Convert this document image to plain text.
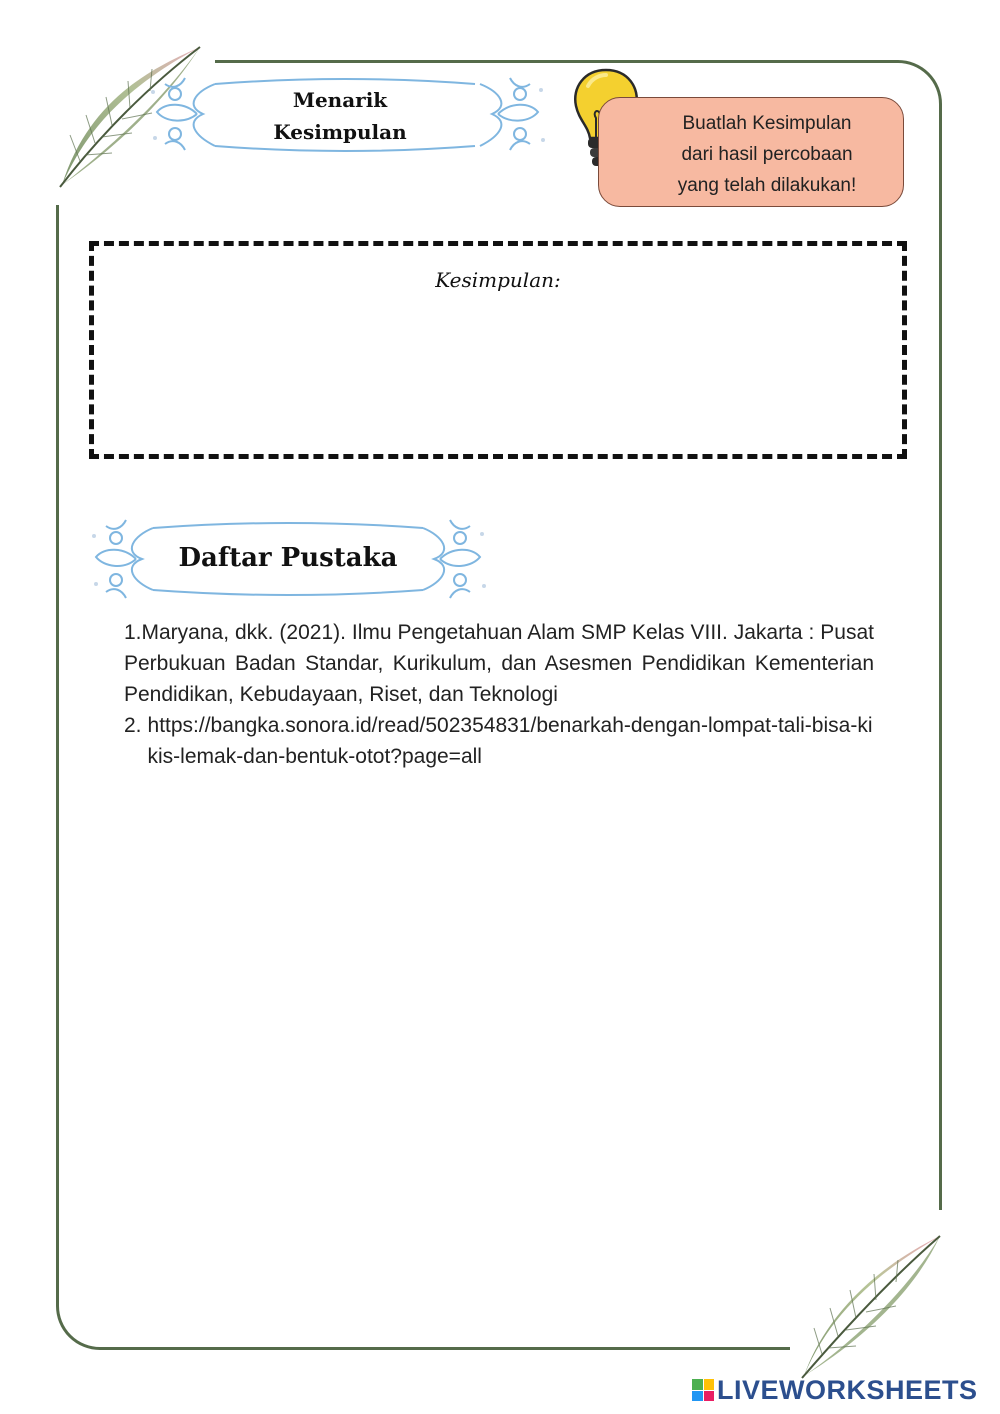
Menarik
Kesimpulan	Buatlah Kesimpulan
dari hasil percobaan
yang telah dilakukan!
Kesimpulan:
Daftar Pustaka
1.Maryana, dkk. (2021). Ilmu Pengetahuan Alam SMP Kelas VIII. Jakarta : Pusat Perbukuan Badan Standar, Kurikulum, dan Asesmen Pendidikan Kementerian Pendidikan, Kebudayaan, Riset, dan Teknologi
2. https://bangka.sonora.id/read/502354831/benarkah-dengan-lompat-tali-bisa-kikis-lemak-dan-bentuk-otot?page=all
LIVEWORKSHEETS
